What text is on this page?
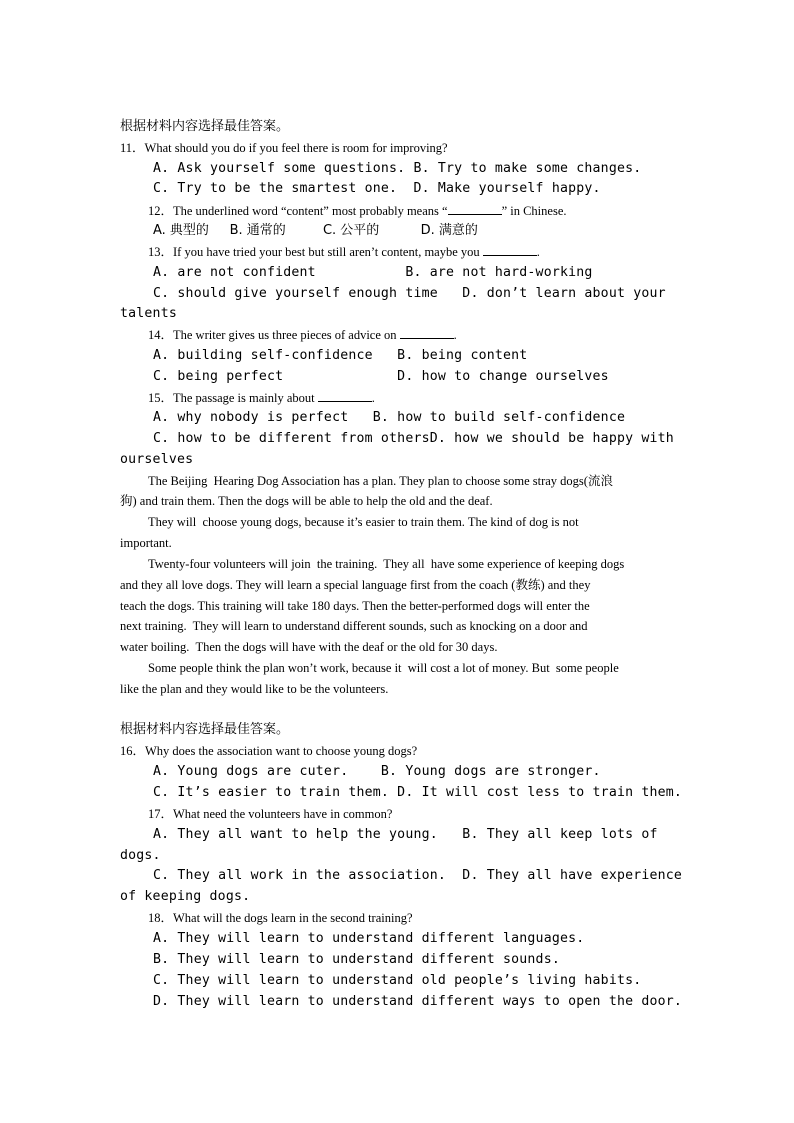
根据材料内容选择最佳答案。
11．What should you do if you feel there is room for improving?
A. Ask yourself some questions. B. Try to make some changes.
C. Try to be the smartest one.  D. Make yourself happy.
12．The underlined word “content” most probably means “	” in Chinese.
A. 典型的     B. 通常的         C. 公平的          D. 满意的
13．If you have tried your best but still aren’t content, maybe you	.
A. are not confident           B. are not hard-working
C. should give yourself enough time   D. don’t learn about your
talents
14．The writer gives us three pieces of advice on	.
A. building self-confidence   B. being content
C. being perfect              D. how to change ourselves
15．The passage is mainly about	.
A. why nobody is perfect   B. how to build self-confidence
C. how to be different from othersD. how we should be happy with
ourselves
The Beijing  Hearing Dog Association has a plan. They plan to choose some stray dogs(流浪
狗) and train them. Then the dogs will be able to help the old and the deaf.
They will  choose young dogs, because it’s easier to train them. The kind of dog is not
important.
Twenty-four volunteers will join  the training.  They all  have some experience of keeping dogs
and they all love dogs. They will learn a special language first from the coach (教练) and they
teach the dogs. This training will take 180 days. Then the better-performed dogs will enter the
next training.  They will learn to understand different sounds, such as knocking on a door and
water boiling.  Then the dogs will have with the deaf or the old for 30 days.
Some people think the plan won’t work, because it  will cost a lot of money. But  some people
like the plan and they would like to be the volunteers.
根据材料内容选择最佳答案。
16．Why does the association want to choose young dogs?
A. Young dogs are cuter.    B. Young dogs are stronger.
C. It’s easier to train them. D. It will cost less to train them.
17．What need the volunteers have in common?
A. They all want to help the young.   B. They all keep lots of
dogs.
C. They all work in the association.  D. They all have experience
of keeping dogs.
18．What will the dogs learn in the second training?
A. They will learn to understand different languages.
B. They will learn to understand different sounds.
C. They will learn to understand old people’s living habits.
D. They will learn to understand different ways to open the door.
